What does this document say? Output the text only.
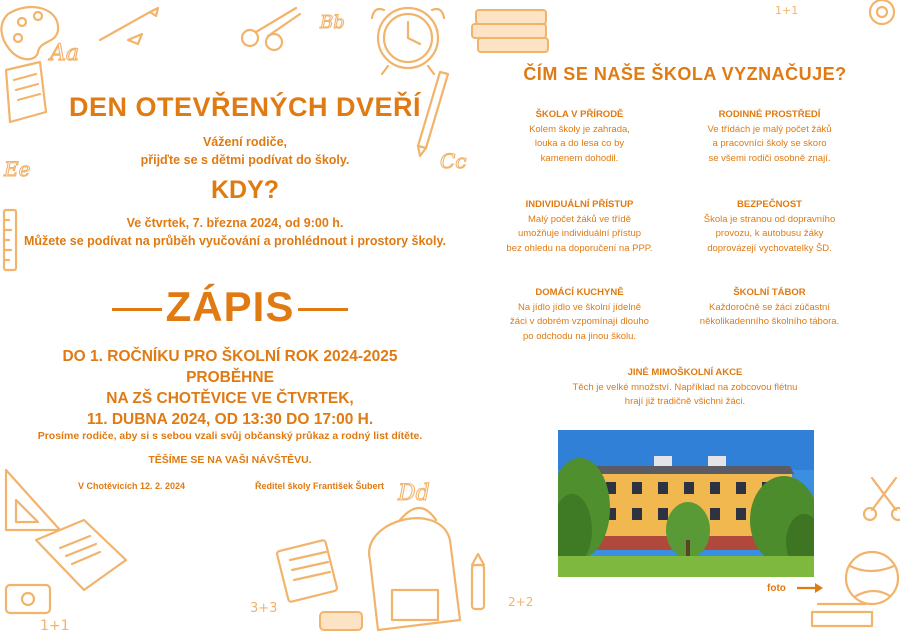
Aa
Bb
Ee	Cc
1+1
1+1
3+3
Dd
2+2
DEN OTEVŘENÝCH DVEŘÍ
Vážení rodiče,
přijďte se s dětmi podívat do školy.
KDY?
Ve čtvrtek, 7. března 2024, od 9:00 h.
Můžete se podívat na průběh vyučování a prohlédnout i prostory školy.
ZÁPIS
DO 1. ROČNÍKU PRO ŠKOLNÍ ROK 2024-2025 PROBĚHNE
NA ZŠ CHOTĚVICE VE ČTVRTEK,
11. DUBNA 2024, OD 13:30 DO 17:00 H.
Prosíme rodiče, aby si s sebou vzali svůj občanský průkaz a rodný list dítěte.
TĚŠÍME SE NA VAŠI NÁVŠTĚVU.
V Chotěvicích 12. 2. 2024	Ředitel školy František Šubert
ČÍM SE NAŠE ŠKOLA VYZNAČUJE?
ŠKOLA V PŘÍRODĚ
Kolem školy je zahrada,
louka a do lesa co by
kamenem dohodil.
RODINNÉ PROSTŘEDÍ
Ve třídách je malý počet žáků
a pracovníci školy se skoro
se všemi rodiči osobně znají.
INDIVIDUÁLNÍ PŘÍSTUP
Malý počet žáků ve třídě
umožňuje individuální přístup
bez ohledu na doporučení na PPP.
BEZPEČNOST
Škola je stranou od dopravního
provozu, k autobusu žáky
doprovázejí vychovatelky ŠD.
DOMÁCÍ KUCHYNĚ
Na jídlo jídlo ve školní jídelně
žáci v dobrém vzpomínají dlouho
po odchodu na jinou školu.
ŠKOLNÍ TÁBOR
Každoročně se žáci zúčastní
několikadenního školního tábora.
JINÉ MIMOŠKOLNÍ AKCE
Těch je velké množství. Například na zobcovou flétnu
hrají již tradičně všichni žáci.
foto
